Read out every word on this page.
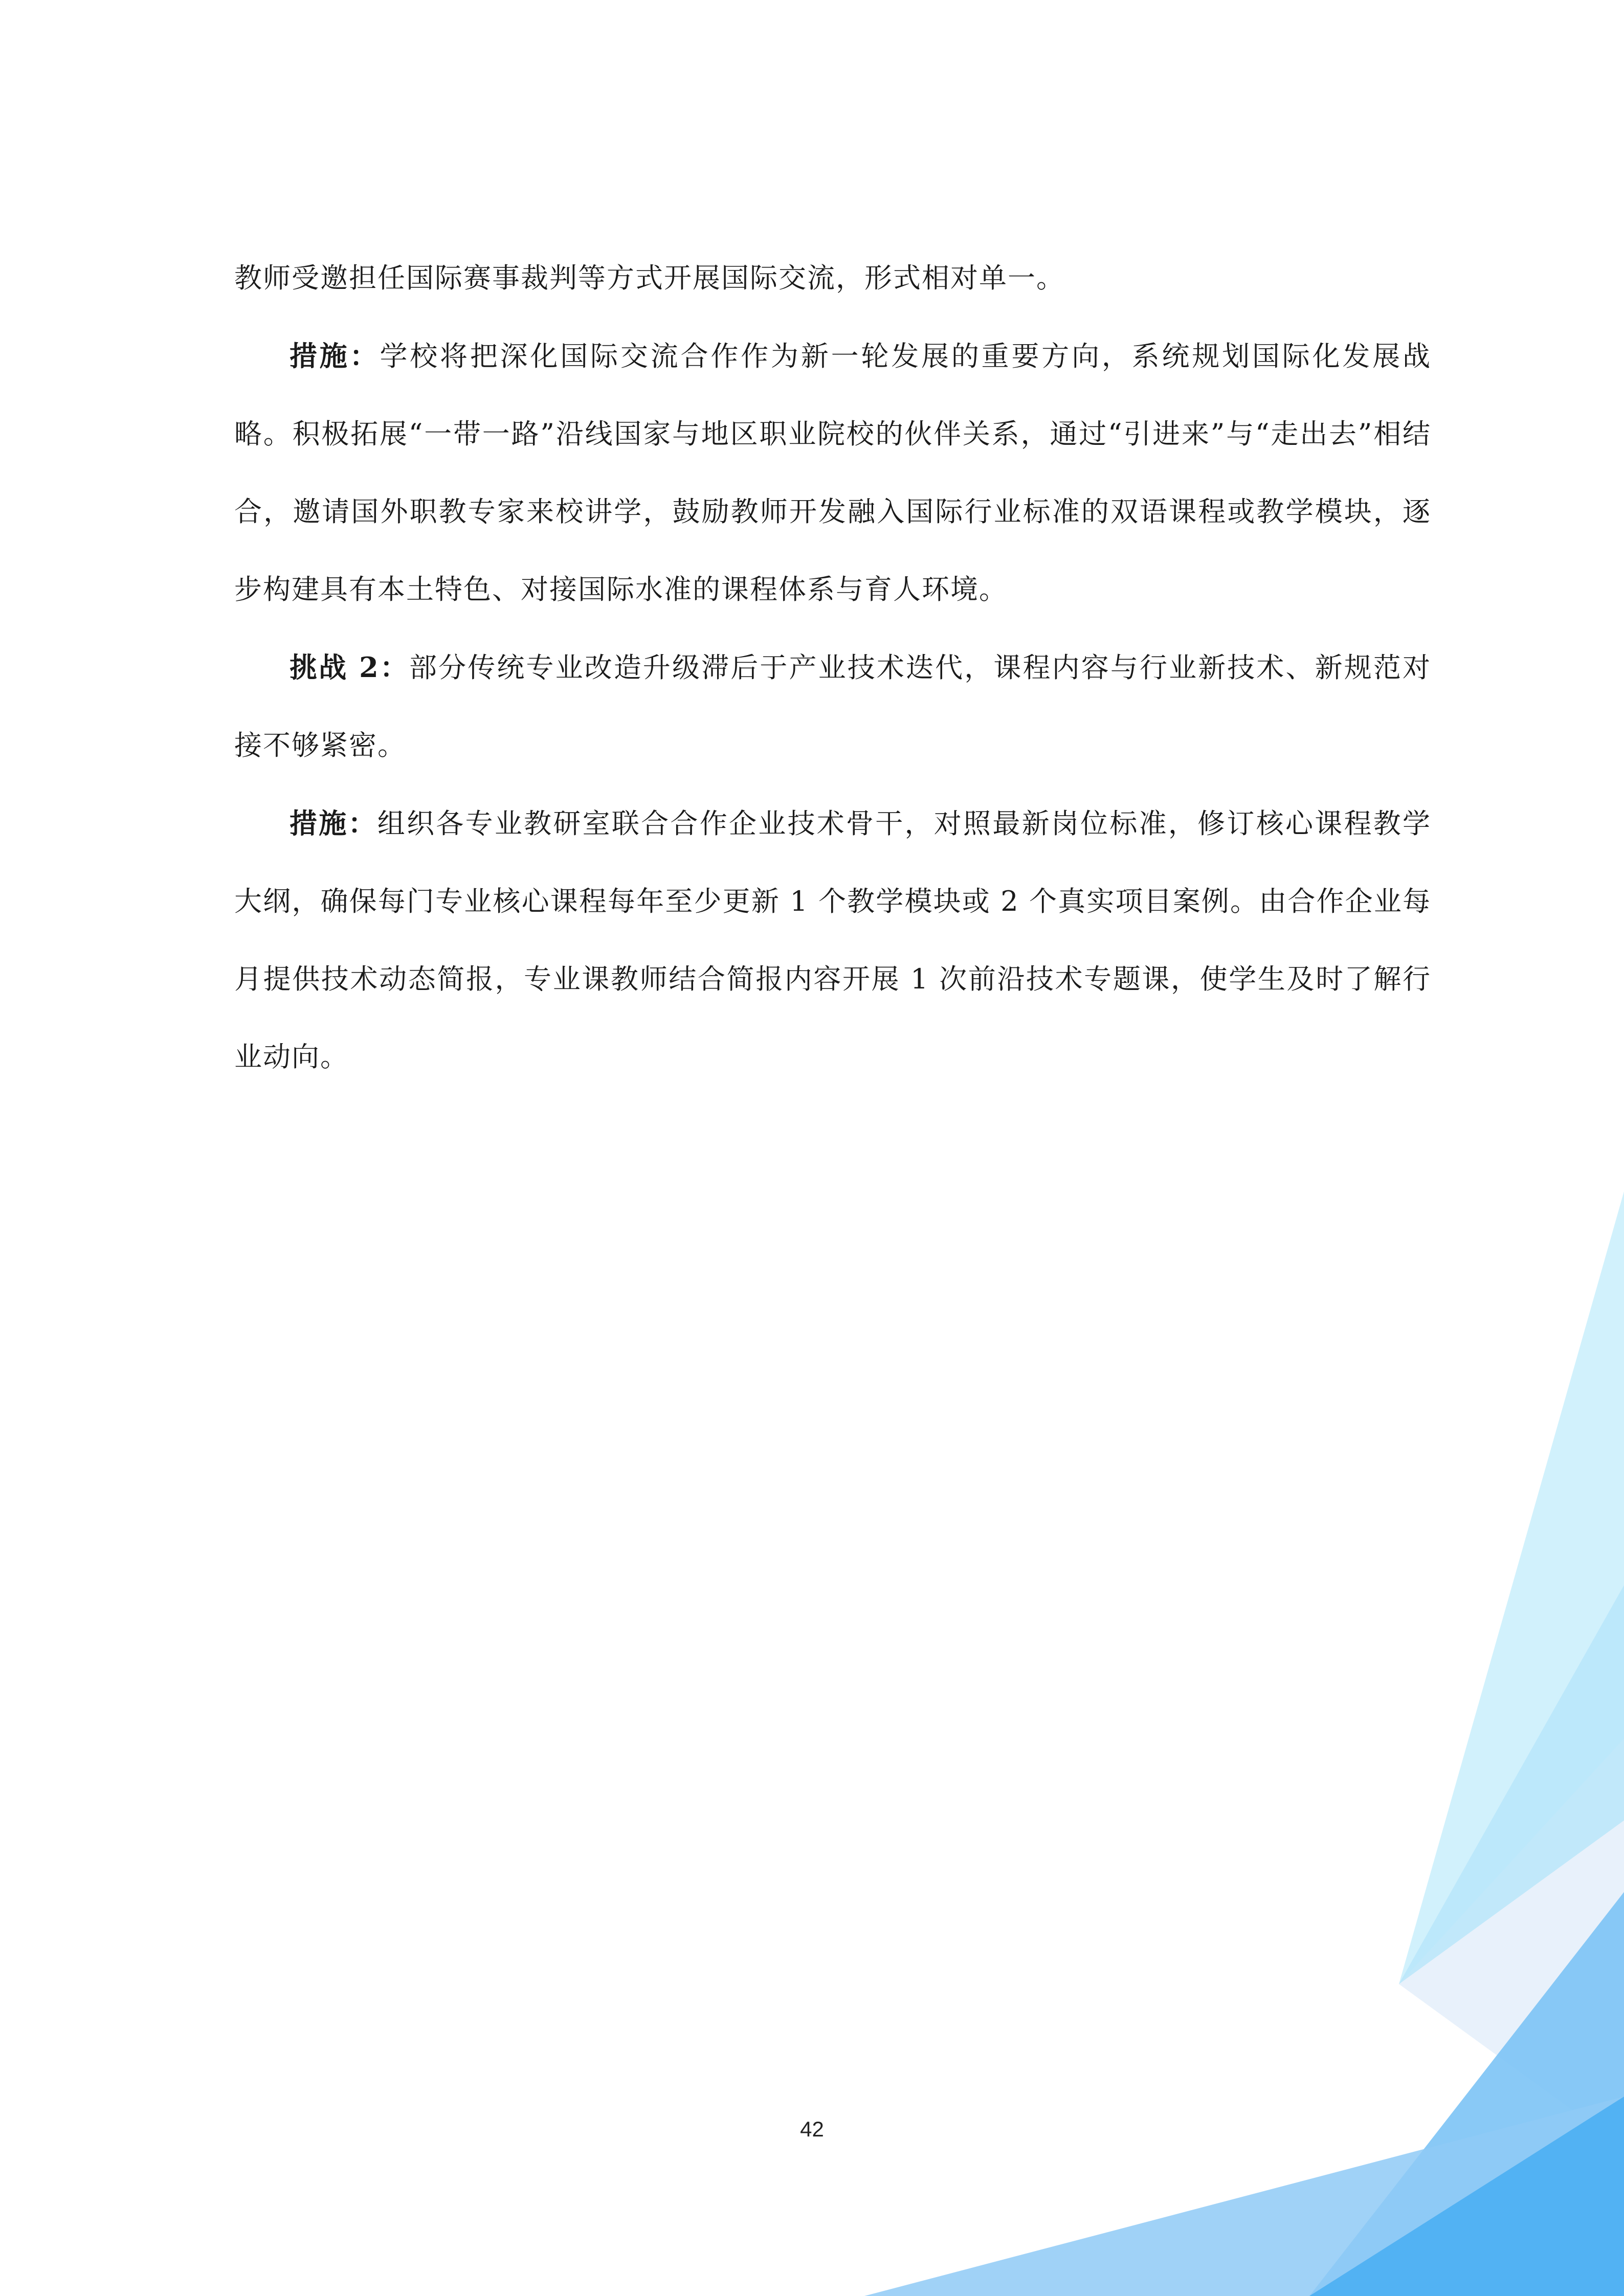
教师受邀担任国际赛事裁判等方式开展国际交流，形式相对单一。

措施：学校将把深化国际交流合作作为新一轮发展的重要方向，系统规划国际化发展战略。积极拓展“一带一路”沿线国家与地区职业院校的伙伴关系，通过“引进来”与“走出去”相结合，邀请国外职教专家来校讲学，鼓励教师开发融入国际行业标准的双语课程或教学模块，逐步构建具有本土特色、对接国际水准的课程体系与育人环境。

挑战 2：部分传统专业改造升级滞后于产业技术迭代，课程内容与行业新技术、新规范对接不够紧密。

措施：组织各专业教研室联合合作企业技术骨干，对照最新岗位标准，修订核心课程教学大纲，确保每门专业核心课程每年至少更新 1 个教学模块或 2 个真实项目案例。由合作企业每月提供技术动态简报，专业课教师结合简报内容开展 1 次前沿技术专题课，使学生及时了解行业动向。

42
